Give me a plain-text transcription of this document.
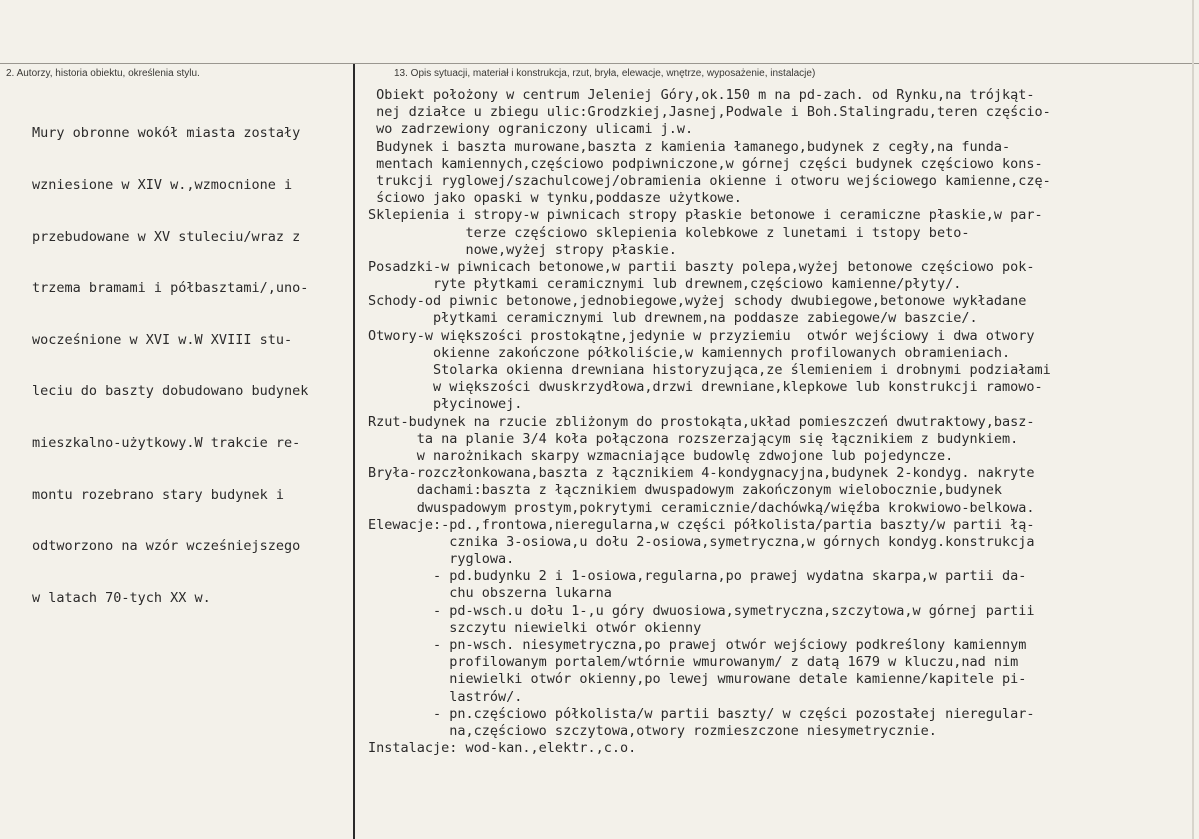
2. Autorzy, historia obiektu, określenia stylu.	13. Opis sytuacji, materiał i konstrukcja, rzut, bryła, elewacje, wnętrze, wyposażenie, instalacje)

Mury obronne wokół miasta zostały

wzniesione w XIV w.,wzmocnione i

przebudowane w XV stuleciu/wraz z

trzema bramami i półbasztami/,uno-

wocześnione w XVI w.W XVIII stu-

leciu do baszty dobudowano budynek

mieszkalno-użytkowy.W trakcie re-

montu rozebrano stary budynek i

odtworzono na wzór wcześniejszego

w latach 70-tych XX w.

Obiekt położony w centrum Jeleniej Góry,ok.150 m na pd-zach. od Rynku,na trójkąt-
nej działce u zbiegu ulic:Grodzkiej,Jasnej,Podwale i Boh.Stalingradu,teren częścio-
wo zadrzewiony ograniczony ulicami j.w.
Budynek i baszta murowane,baszta z kamienia łamanego,budynek z cegły,na funda-
mentach kamiennych,częściowo podpiwniczone,w górnej części budynek częściowo kons-
trukcji ryglowej/szachulcowej/obramienia okienne i otworu wejściowego kamienne,czę-
ściowo jako opaski w tynku,poddasze użytkowe.
Sklepienia i stropy-w piwnicach stropy płaskie betonowe i ceramiczne płaskie,w par-
terze częściowo sklepienia kolebkowe z lunetami i tstopy beto-
nowe,wyżej stropy płaskie.
Posadzki-w piwnicach betonowe,w partii baszty polepa,wyżej betonowe częściowo pok-
ryte płytkami ceramicznymi lub drewnem,częściowo kamienne/płyty/.
Schody-od piwnic betonowe,jednobiegowe,wyżej schody dwubiegowe,betonowe wykładane
płytkami ceramicznymi lub drewnem,na poddasze zabiegowe/w baszcie/.
Otwory-w większości prostokątne,jedynie w przyziemiu  otwór wejściowy i dwa otwory
okienne zakończone półkoliście,w kamiennych profilowanych obramieniach.
Stolarka okienna drewniana historyzująca,ze ślemieniem i drobnymi podziałami
w większości dwuskrzydłowa,drzwi drewniane,klepkowe lub konstrukcji ramowo-
płycinowej.
Rzut-budynek na rzucie zbliżonym do prostokąta,układ pomieszczeń dwutraktowy,basz-
ta na planie 3/4 koła połączona rozszerzającym się łącznikiem z budynkiem.
w narożnikach skarpy wzmacniające budowlę zdwojone lub pojedyncze.
Bryła-rozczłonkowana,baszta z łącznikiem 4-kondygnacyjna,budynek 2-kondyg. nakryte
dachami:baszta z łącznikiem dwuspadowym zakończonym wielobocznie,budynek
dwuspadowym prostym,pokrytymi ceramicznie/dachówką/więźba krokwiowo-belkowa.
Elewacje:-pd.,frontowa,nieregularna,w części półkolista/partia baszty/w partii łą-
cznika 3-osiowa,u dołu 2-osiowa,symetryczna,w górnych kondyg.konstrukcja
ryglowa.
- pd.budynku 2 i 1-osiowa,regularna,po prawej wydatna skarpa,w partii da-
chu obszerna lukarna
- pd-wsch.u dołu 1-,u góry dwuosiowa,symetryczna,szczytowa,w górnej partii
szczytu niewielki otwór okienny
- pn-wsch. niesymetryczna,po prawej otwór wejściowy podkreślony kamiennym
profilowanym portalem/wtórnie wmurowanym/ z datą 1679 w kluczu,nad nim
niewielki otwór okienny,po lewej wmurowane detale kamienne/kapitele pi-
lastrów/.
- pn.częściowo półkolista/w partii baszty/ w części pozostałej nieregular-
na,częściowo szczytowa,otwory rozmieszczone niesymetrycznie.
Instalacje: wod-kan.,elektr.,c.o.
